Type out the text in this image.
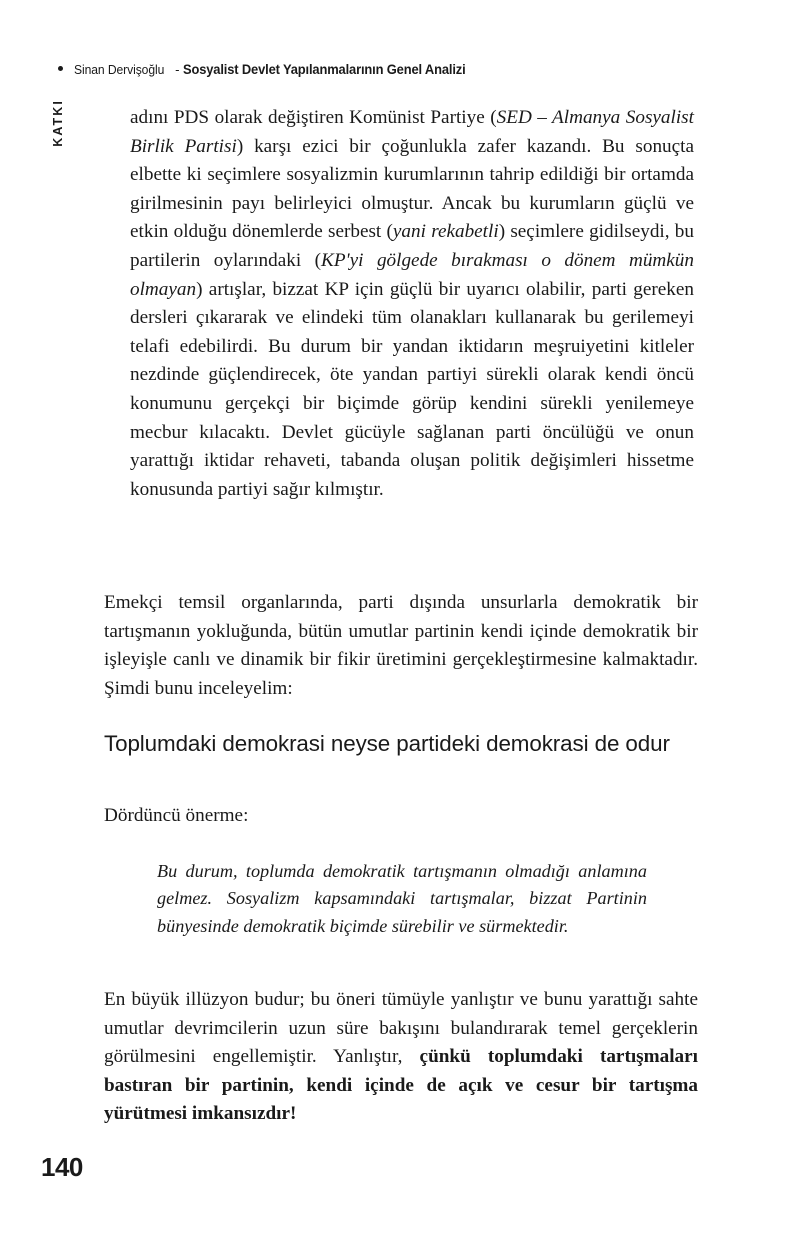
Sinan Dervişoğlu - Sosyalist Devlet Yapılanmalarının Genel Analizi
KATKI	adını PDS olarak değiştiren Komünist Partiye (SED – Almanya Sosyalist Birlik Partisi) karşı ezici bir çoğunlukla zafer kazandı. Bu sonuçta elbette ki seçimlere sosyalizmin kurumlarının tahrip edildiği bir ortamda girilmesinin payı belirleyici olmuştur. Ancak bu kurumların güçlü ve etkin olduğu dönemlerde serbest (yani rekabetli) seçimlere gidilseydi, bu partilerin oylarındaki (KP'yi gölgede bırakması o dönem mümkün olmayan) artışlar, bizzat KP için güçlü bir uyarıcı olabilir, parti gereken dersleri çıkararak ve elindeki tüm olanakları kullanarak bu gerilemeyi telafi edebilirdi. Bu durum bir yandan iktidarın meşruiyetini kitleler nezdinde güçlendirecek, öte yandan partiyi sürekli olarak kendi öncü konumunu gerçekçi bir biçimde görüp kendini sürekli yenilemeye mecbur kılacaktı. Devlet gücüyle sağlanan parti öncülüğü ve onun yarattığı iktidar rehaveti, tabanda oluşan politik değişimleri hissetme konusunda partiyi sağır kılmıştır.

Emekçi temsil organlarında, parti dışında unsurlarla demokratik bir tartışmanın yokluğunda, bütün umutlar partinin kendi içinde demokratik bir işleyişle canlı ve dinamik bir fikir üretimini gerçekleştirmesine kalmaktadır. Şimdi bunu inceleyelim:

Toplumdaki demokrasi neyse partideki demokrasi de odur

Dördüncü önerme:

Bu durum, toplumda demokratik tartışmanın olmadığı anlamına gelmez. Sosyalizm kapsamındaki tartışmalar, bizzat Partinin bünyesinde demokratik biçimde sürebilir ve sürmektedir.

En büyük illüzyon budur; bu öneri tümüyle yanlıştır ve bunu yarattığı sahte umutlar devrimcilerin uzun süre bakışını bulandırarak temel gerçeklerin görülmesini engellemiştir. Yanlıştır, çünkü toplumdaki tartışmaları bastıran bir partinin, kendi içinde de açık ve cesur bir tartışma yürütmesi imkansızdır!

140
